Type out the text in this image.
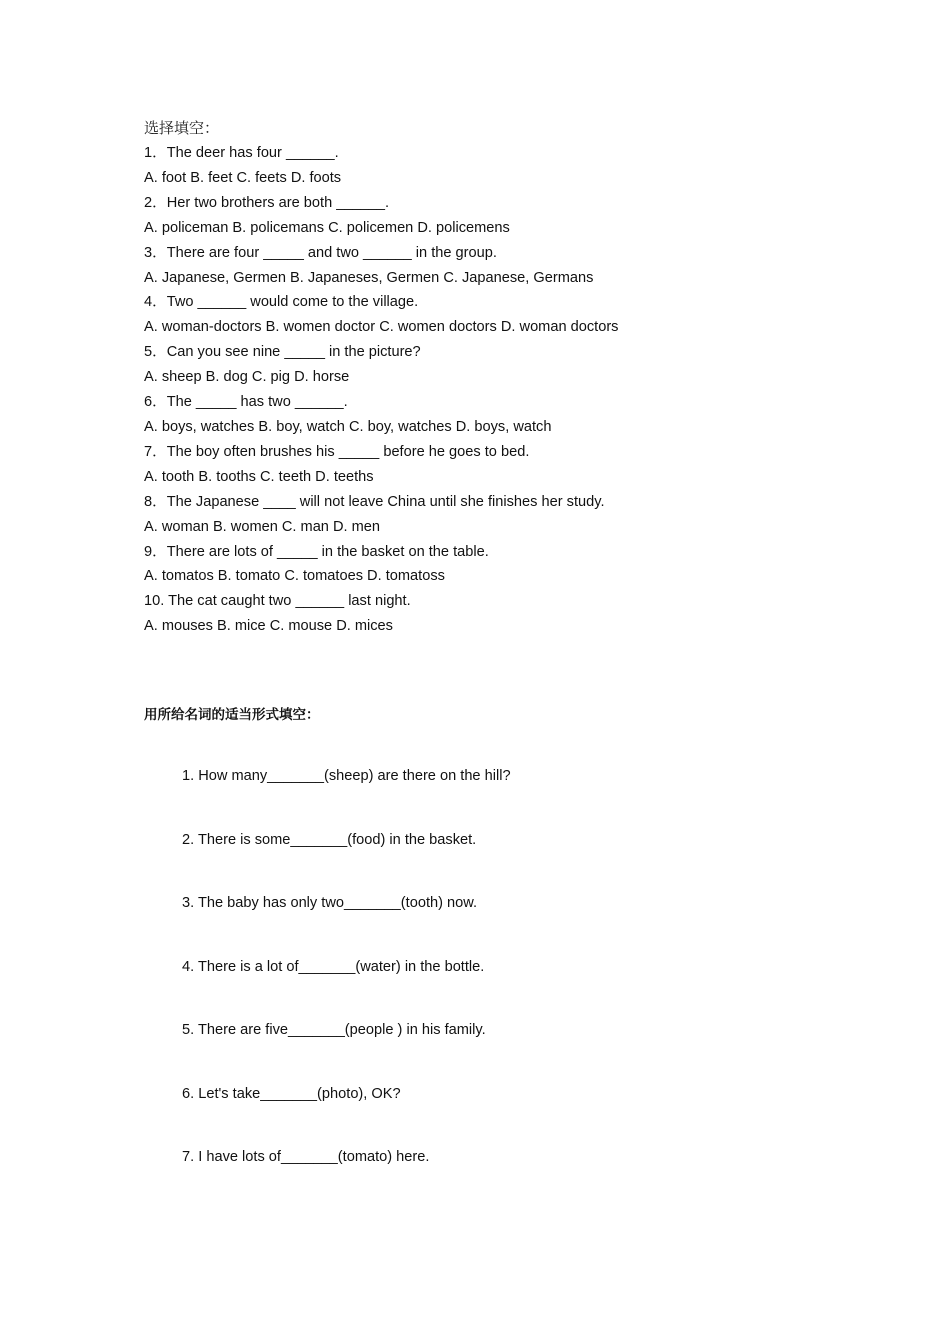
选择填空：
1．The deer has four ______.
A. foot B. feet C. feets D. foots
2．Her two brothers are both ______.
A. policeman B. policemans C. policemen D. policemens
3．There are four _____ and two ______ in the group.
A. Japanese, Germen B. Japaneses, Germen C. Japanese, Germans
4．Two ______ would come to the village.
A. woman-doctors B. women doctor C. women doctors D. woman doctors
5．Can you see nine _____ in the picture?
A. sheep B. dog C. pig D. horse
6．The _____ has two ______.
A. boys, watches B. boy, watch C. boy, watches D. boys, watch
7．The boy often brushes his _____ before he goes to bed.
A. tooth B. tooths C. teeth D. teeths
8．The Japanese ____ will not leave China until she finishes her study.
A. woman B. women C. man D. men
9．There are lots of _____ in the basket on the table.
A. tomatos B. tomato C. tomatoes D. tomatoss
10. The cat caught two ______ last night.
A. mouses B. mice C. mouse D. mices
用所给名词的适当形式填空：
1. How many_______(sheep) are there on the hill?
2. There is some_______(food) in the basket.
3. The baby has only two_______(tooth) now.
4. There is a lot of_______(water) in the bottle.
5. There are five_______(people ) in his family.
6. Let's take_______(photo), OK?
7. I have lots of_______(tomato) here.
